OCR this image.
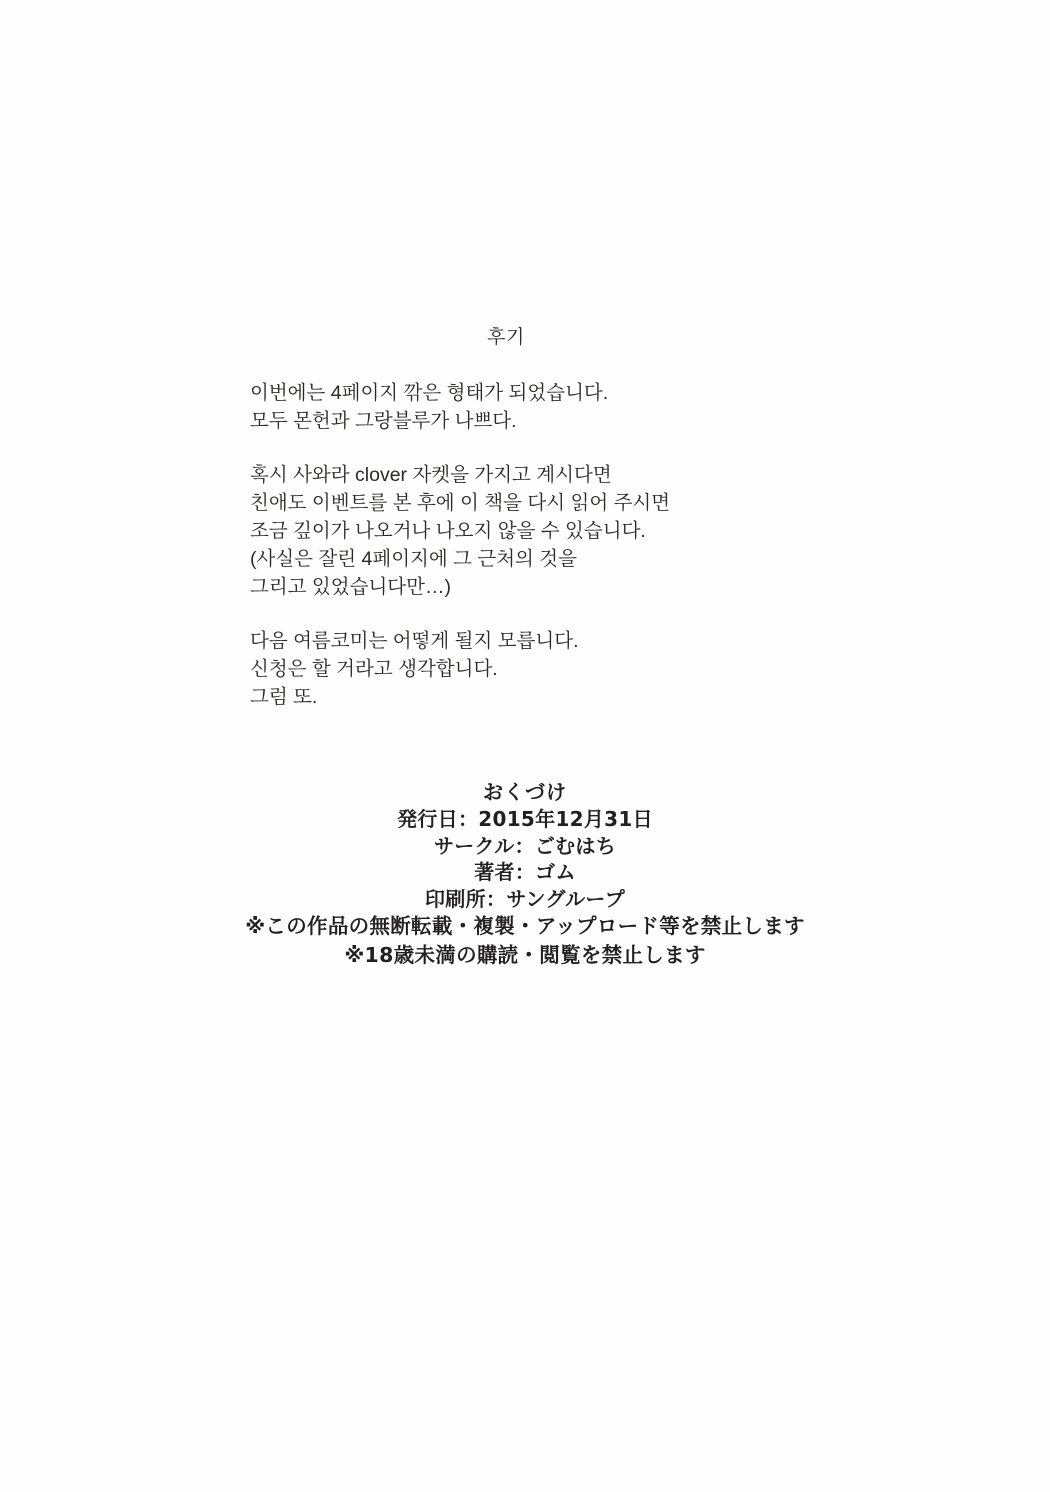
후기

이번에는 4페이지 깎은 형태가 되었습니다.
모두 몬헌과 그랑블루가 나쁘다.

혹시 사와라 clover 자켓을 가지고 계시다면
친애도 이벤트를 본 후에 이 책을 다시 읽어 주시면
조금 깊이가 나오거나 나오지 않을 수 있습니다.
(사실은 잘린 4페이지에 그 근처의 것을
그리고 있었습니다만…)

다음 여름코미는 어떻게 될지 모릅니다.
신청은 할 거라고 생각합니다.
그럼 또.

おくづけ
発行日：2015年12月31日
サークル：ごむはち
著者：ゴム
印刷所：サングループ
※この作品の無断転載・複製・アップロード等を禁止します
※18歳未満の購読・閲覧を禁止します
